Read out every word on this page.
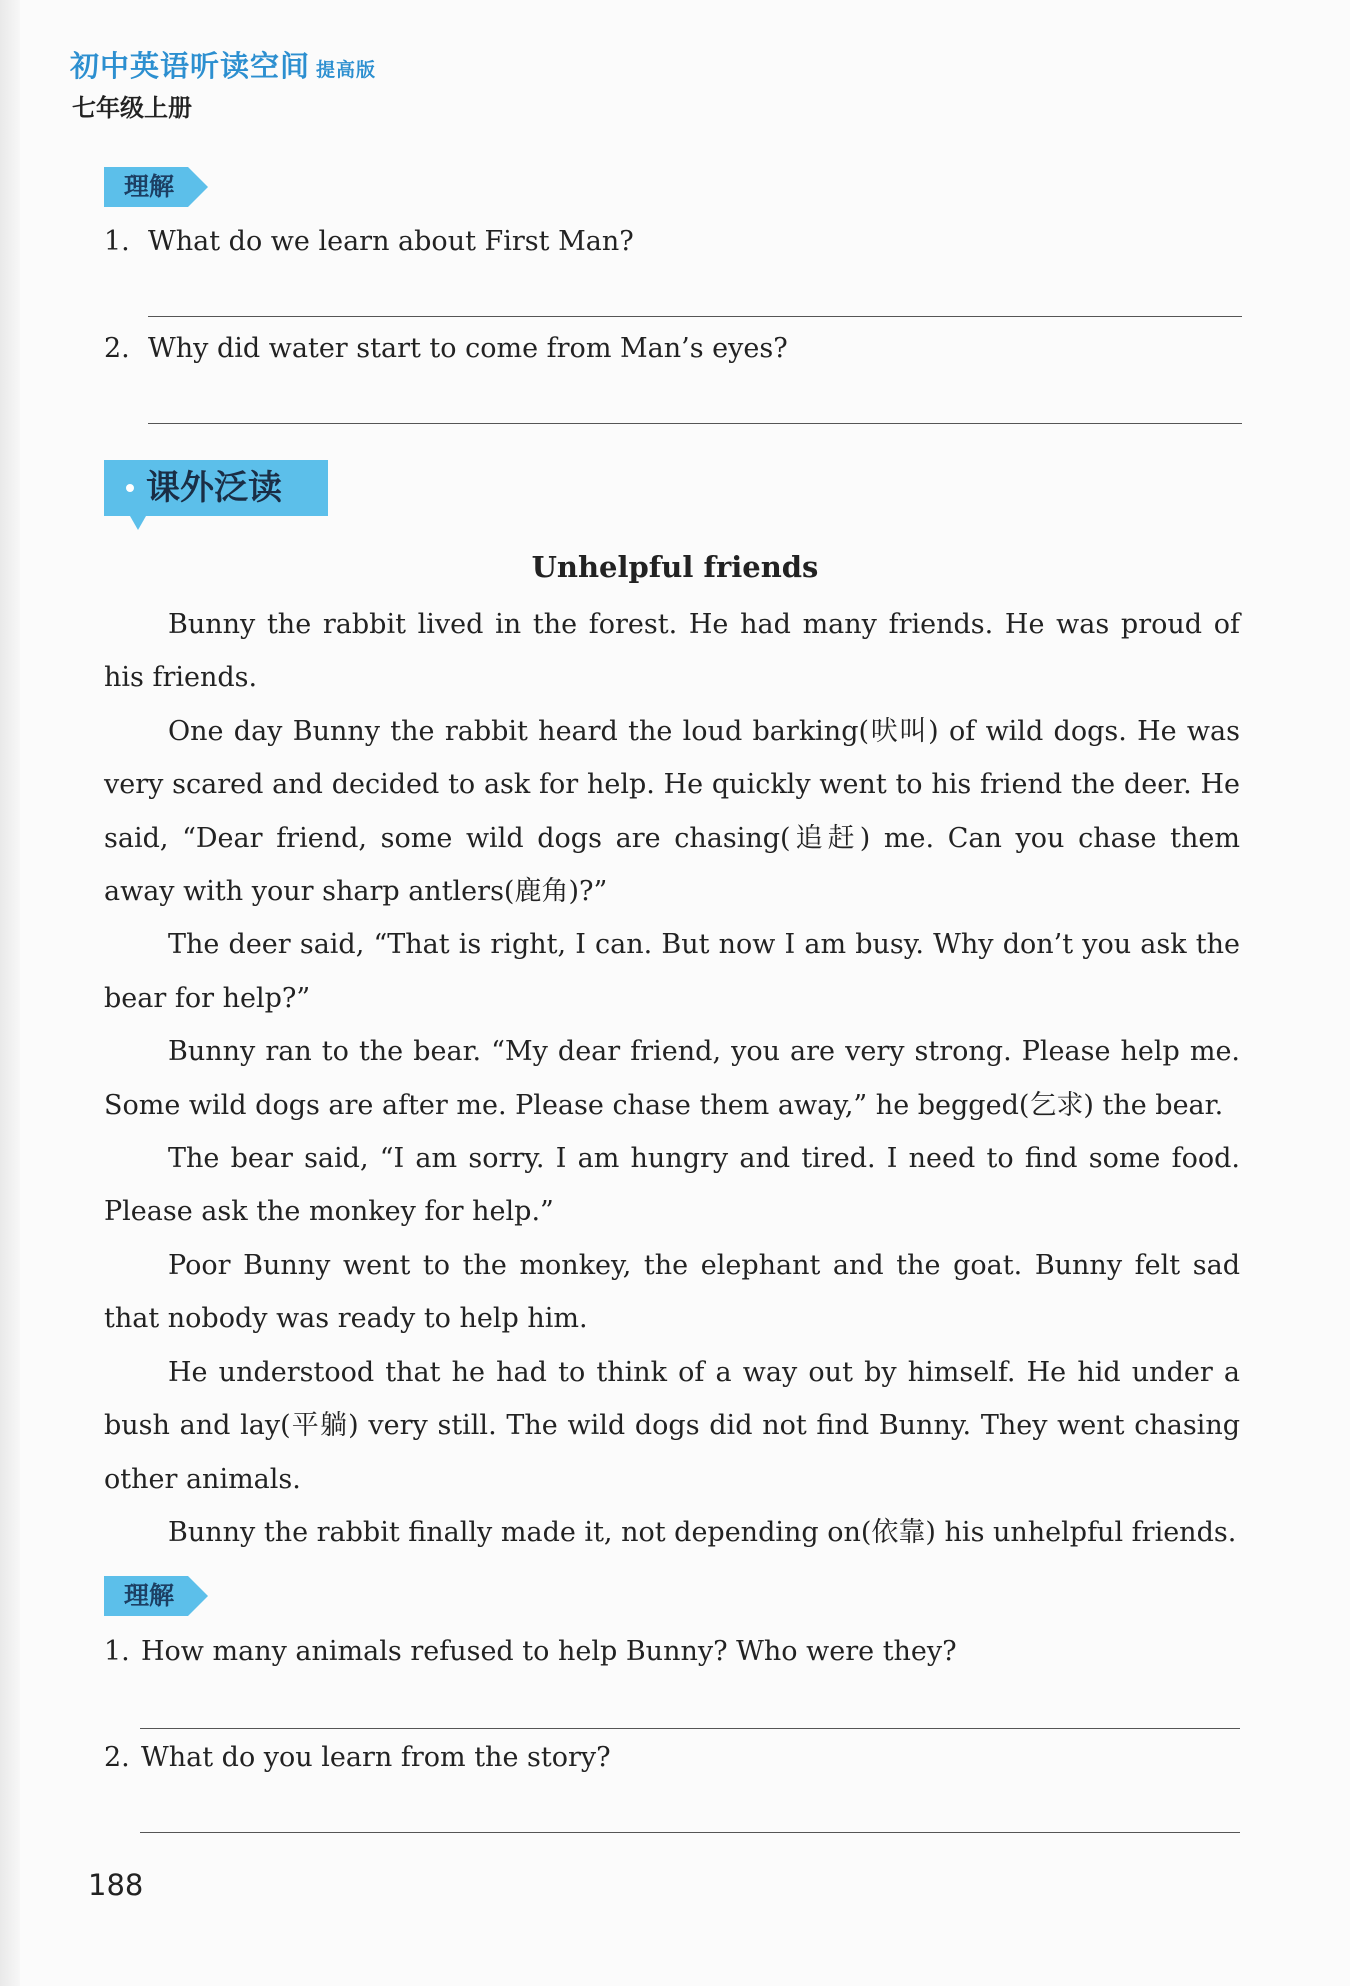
初中英语听读空间 提高版
七年级上册
理解
1. What do we learn about First Man?
2. Why did water start to come from Man’s eyes?
课外泛读
Unhelpful friends

Bunny the rabbit lived in the forest. He had many friends. He was proud of his friends.

One day Bunny the rabbit heard the loud barking(吠叫) of wild dogs. He was very scared and decided to ask for help. He quickly went to his friend the deer. He said, “Dear friend, some wild dogs are chasing(追赶) me. Can you chase them away with your sharp antlers(鹿角)?”

The deer said, “That is right, I can. But now I am busy. Why don’t you ask the bear for help?”

Bunny ran to the bear. “My dear friend, you are very strong. Please help me. Some wild dogs are after me. Please chase them away,” he begged(乞求) the bear.

The bear said, “I am sorry. I am hungry and tired. I need to find some food. Please ask the monkey for help.”

Poor Bunny went to the monkey, the elephant and the goat. Bunny felt sad that nobody was ready to help him.

He understood that he had to think of a way out by himself. He hid under a bush and lay(平躺) very still. The wild dogs did not find Bunny. They went chasing other animals.

Bunny the rabbit finally made it, not depending on(依靠) his unhelpful friends.

理解
1. How many animals refused to help Bunny? Who were they?
2. What do you learn from the story?
188
